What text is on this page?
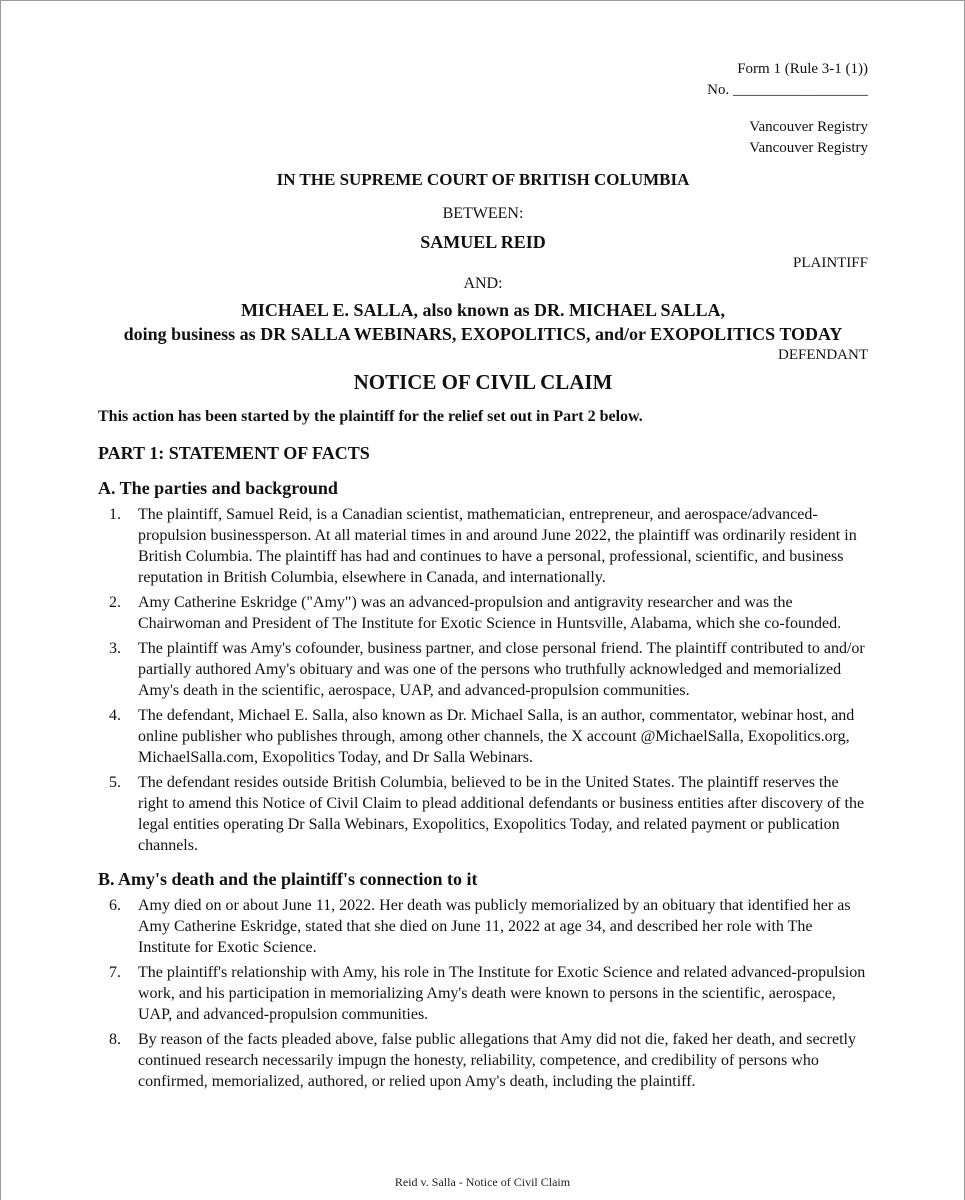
Form 1 (Rule 3-1 (1))
No. __________________
Vancouver Registry
Vancouver Registry
IN THE SUPREME COURT OF BRITISH COLUMBIA
BETWEEN:
SAMUEL REID
PLAINTIFF
AND:
MICHAEL E. SALLA, also known as DR. MICHAEL SALLA,
doing business as DR SALLA WEBINARS, EXOPOLITICS, and/or EXOPOLITICS TODAY
DEFENDANT
NOTICE OF CIVIL CLAIM
This action has been started by the plaintiff for the relief set out in Part 2 below.
PART 1: STATEMENT OF FACTS
A. The parties and background
1. The plaintiff, Samuel Reid, is a Canadian scientist, mathematician, entrepreneur, and aerospace/advanced-propulsion businessperson. At all material times in and around June 2022, the plaintiff was ordinarily resident in British Columbia. The plaintiff has had and continues to have a personal, professional, scientific, and business reputation in British Columbia, elsewhere in Canada, and internationally.
2. Amy Catherine Eskridge ("Amy") was an advanced-propulsion and antigravity researcher and was the Chairwoman and President of The Institute for Exotic Science in Huntsville, Alabama, which she co-founded.
3. The plaintiff was Amy's cofounder, business partner, and close personal friend. The plaintiff contributed to and/or partially authored Amy's obituary and was one of the persons who truthfully acknowledged and memorialized Amy's death in the scientific, aerospace, UAP, and advanced-propulsion communities.
4. The defendant, Michael E. Salla, also known as Dr. Michael Salla, is an author, commentator, webinar host, and online publisher who publishes through, among other channels, the X account @MichaelSalla, Exopolitics.org, MichaelSalla.com, Exopolitics Today, and Dr Salla Webinars.
5. The defendant resides outside British Columbia, believed to be in the United States. The plaintiff reserves the right to amend this Notice of Civil Claim to plead additional defendants or business entities after discovery of the legal entities operating Dr Salla Webinars, Exopolitics, Exopolitics Today, and related payment or publication channels.
B. Amy's death and the plaintiff's connection to it
6. Amy died on or about June 11, 2022. Her death was publicly memorialized by an obituary that identified her as Amy Catherine Eskridge, stated that she died on June 11, 2022 at age 34, and described her role with The Institute for Exotic Science.
7. The plaintiff's relationship with Amy, his role in The Institute for Exotic Science and related advanced-propulsion work, and his participation in memorializing Amy's death were known to persons in the scientific, aerospace, UAP, and advanced-propulsion communities.
8. By reason of the facts pleaded above, false public allegations that Amy did not die, faked her death, and secretly continued research necessarily impugn the honesty, reliability, competence, and credibility of persons who confirmed, memorialized, authored, or relied upon Amy's death, including the plaintiff.
Reid v. Salla - Notice of Civil Claim
